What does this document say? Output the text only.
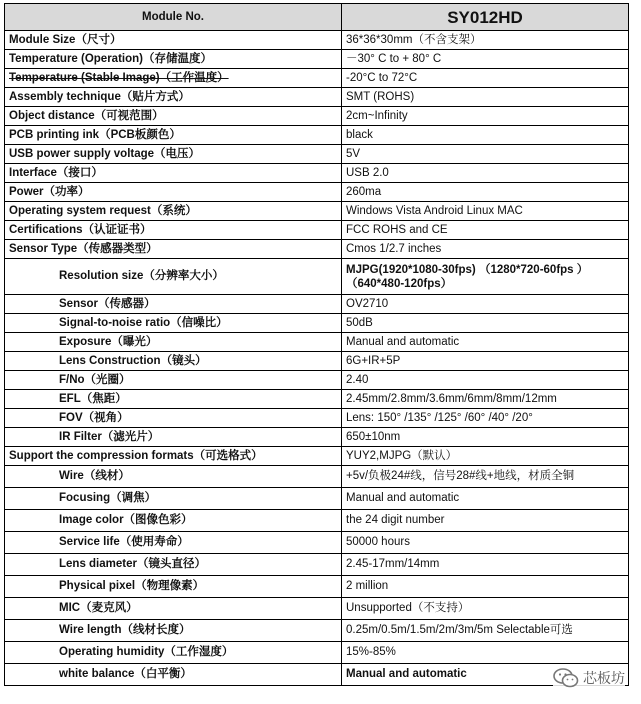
Module No.	SY012HD
Module Size（尺寸）	36*36*30mm（不含支架）
Temperature (Operation)（存储温度）	－30° C to + 80° C
Temperature (Stable Image)（工作温度）	-20°C to 72°C
Assembly technique（贴片方式）	SMT (ROHS)
Object distance（可视范围）	2cm~Infinity
PCB printing ink（PCB板颜色）	black
USB power supply voltage（电压）	5V
Interface（接口）	USB 2.0
Power（功率）	260ma
Operating system request（系统）	Windows Vista Android Linux MAC
Certifications（认证证书）	FCC ROHS and CE
Sensor Type（传感器类型）	Cmos 1/2.7 inches
Resolution size（分辨率大小）	MJPG(1920*1080-30fps) （1280*720-60fps ）（640*480-120fps）
Sensor（传感器）	OV2710
Signal-to-noise ratio（信噪比）	50dB
Exposure（曝光）	Manual and automatic
Lens Construction（镜头）	6G+IR+5P
F/No（光圈）	2.40
EFL（焦距）	2.45mm/2.8mm/3.6mm/6mm/8mm/12mm
FOV（视角）	Lens: 150° /135° /125° /60° /40° /20°
IR Filter（滤光片）	650±10nm
Support the compression formats（可选格式）	YUY2,MJPG（默认）
Wire（线材）	+5v/负极24#线，信号28#线+地线，材质全铜
Focusing（调焦）	Manual and automatic
Image color（图像色彩）	the 24 digit number
Service life（使用寿命）	50000 hours
Lens diameter（镜头直径）	2.45-17mm/14mm
Physical pixel（物理像素）	2 million
MIC（麦克风）	Unsupported（不支持）
Wire length（线材长度）	0.25m/0.5m/1.5m/2m/3m/5m Selectable可选
Operating humidity（工作湿度）	15%-85%
white balance（白平衡）	Manual and automatic	芯板坊
